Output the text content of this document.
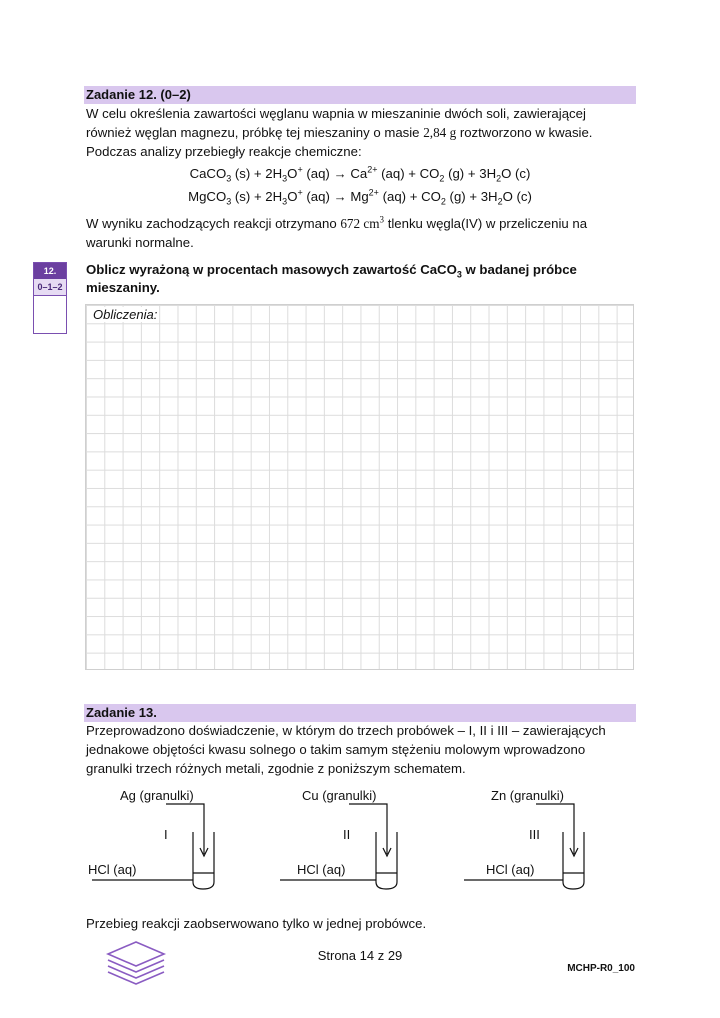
Zadanie 12. (0–2)
W celu określenia zawartości węglanu wapnia w mieszaninie dwóch soli, zawierającej
również węglan magnezu, próbkę tej mieszaniny o masie 2,84 g roztworzono w kwasie.
Podczas analizy przebiegły reakcje chemiczne:
CaCO$_3$ $(s) + 2H_3O^+$ $(aq) \to Ca^{2+}$ $(aq) + CO_2$ $(g) + 3H_2O$ (c)
MgCO$_3$ $(s) + 2H_3O^+$ $(aq) \to Mg^{2+}$ $(aq) + CO_2$ $(g) + 3H_2O$ (c)
W wyniku zachodzących reakcji otrzymano 672 $cm^3$ tlenku węgla(IV) w przeliczeniu na
warunki normalne.
12.
0–1–2
Oblicz wyrażoną w procentach masowych zawartość CaCO$_3$ w badanej próbce
mieszaniny.
Obliczenia:
Zadanie 13.
Przeprowadzono doświadczenie, w którym do trzech probówek – I, II i III – zawierających
jednakowe objętości kwasu solnego o takim samym stężeniu molowym wprowadzono
granulki trzech różnych metali, zgodnie z poniższym schematem.
Ag (granulki)
I
HCl (aq)
Cu (granulki)
II
HCl (aq)
Zn (granulki)
III
HCl (aq)
Przebieg reakcji zaobserwowano tylko w jednej probówce.
Strona 14 z 29
MCHP-R0_100
